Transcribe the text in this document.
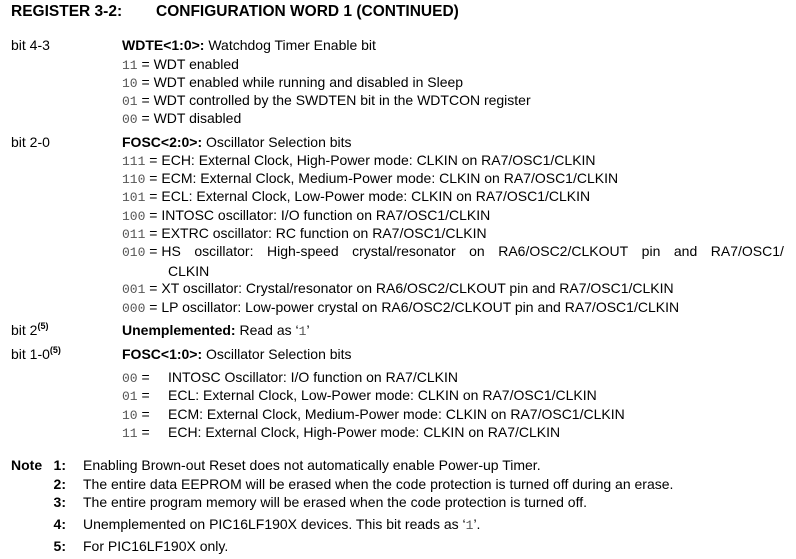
REGISTER 3-2: CONFIGURATION WORD 1 (CONTINUED)
bit 4-3	WDTE<1:0>: Watchdog Timer Enable bit
11 = WDT enabled
10 = WDT enabled while running and disabled in Sleep
01 = WDT controlled by the SWDTEN bit in the WDTCON register
00 = WDT disabled
bit 2-0	FOSC<2:0>: Oscillator Selection bits
111 = ECH: External Clock, High-Power mode: CLKIN on RA7/OSC1/CLKIN
110 = ECM: External Clock, Medium-Power mode: CLKIN on RA7/OSC1/CLKIN
101 = ECL: External Clock, Low-Power mode: CLKIN on RA7/OSC1/CLKIN
100 = INTOSC oscillator: I/O function on RA7/OSC1/CLKIN
011 = EXTRC oscillator: RC function on RA7/OSC1/CLKIN
010 = HS oscillator: High-speed crystal/resonator on RA6/OSC2/CLKOUT pin and RA7/OSC1/
CLKIN
001 = XT oscillator: Crystal/resonator on RA6/OSC2/CLKOUT pin and RA7/OSC1/CLKIN
000 = LP oscillator: Low-power crystal on RA6/OSC2/CLKOUT pin and RA7/OSC1/CLKIN
bit 2$^{(5)}$	Unemplemented: Read as ‘1’
bit 1-0$^{(5)}$	FOSC<1:0>: Oscillator Selection bits
00 = INTOSC Oscillator: I/O function on RA7/CLKIN
01 = ECL: External Clock, Low-Power mode: CLKIN on RA7/OSC1/CLKIN
10 = ECM: External Clock, Medium-Power mode: CLKIN on RA7/OSC1/CLKIN
11 = ECH: External Clock, High-Power mode: CLKIN on RA7/CLKIN
Note 1: Enabling Brown-out Reset does not automatically enable Power-up Timer.
2: The entire data EEPROM will be erased when the code protection is turned off during an erase.
3: The entire program memory will be erased when the code protection is turned off.
4: Unemplemented on PIC16LF190X devices. This bit reads as ‘1’.
5: For PIC16LF190X only.
